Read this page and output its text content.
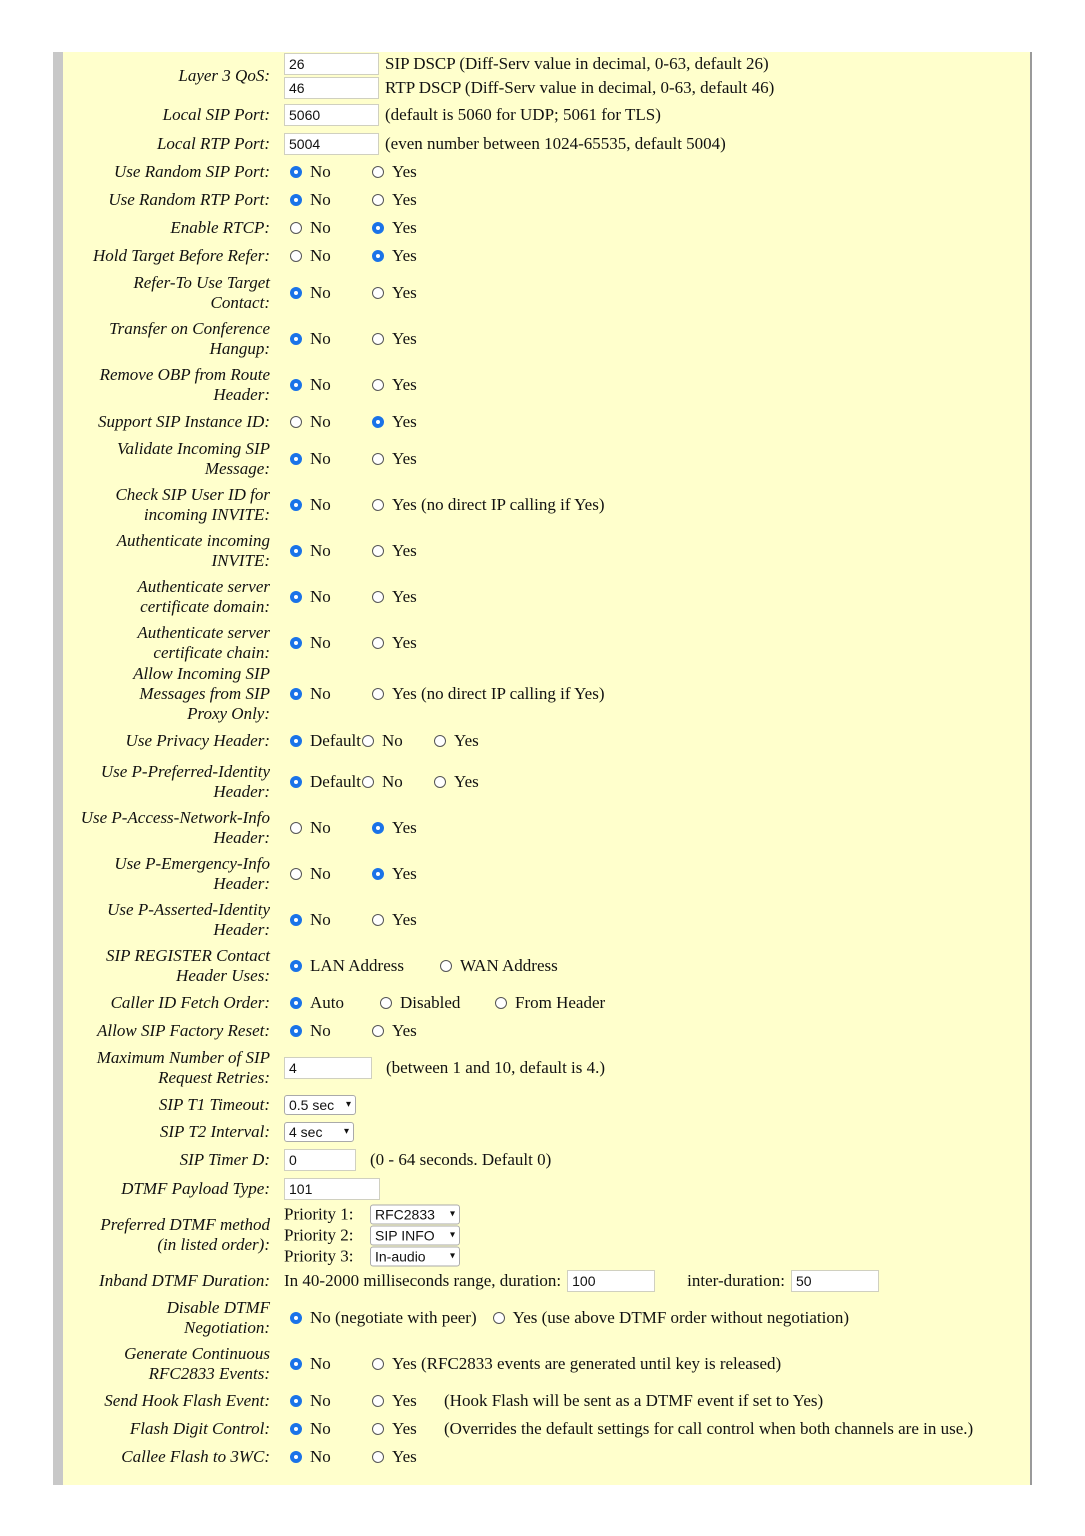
Layer 3 QoS:
26	SIP DSCP (Diff-Serv value in decimal, 0-63, default 26)
46	RTP DSCP (Diff-Serv value in decimal, 0-63, default 46)
Local SIP Port:	5060	(default is 5060 for UDP; 5061 for TLS)
Local RTP Port:	5004	(even number between 1024-65535, default 5004)
Use Random SIP Port: No	Yes
Use Random RTP Port: No	Yes
Enable RTCP: No	Yes
Hold Target Before Refer: No	Yes
Refer-To Use Target Contact:
No	Yes
Transfer on Conference Hangup:
No	Yes
Remove OBP from Route Header:
No	Yes
Support SIP Instance ID: No	Yes
Validate Incoming SIP Message:
No	Yes
Check SIP User ID for incoming INVITE:
No	Yes (no direct IP calling if Yes)
Authenticate incoming INVITE:
No	Yes
Authenticate server certificate domain:
No	Yes
Authenticate server certificate chain:
No	Yes
Allow Incoming SIP Messages from SIP Proxy Only:
No	Yes (no direct IP calling if Yes)
Use Privacy Header: Default No	Yes
Use P-Preferred-Identity Header:
Default No	Yes
Use P-Access-Network-Info Header:
No	Yes
Use P-Emergency-Info Header:
No	Yes
Use P-Asserted-Identity Header:
No	Yes
SIP REGISTER Contact Header Uses:
LAN Address	WAN Address
Caller ID Fetch Order: Auto	Disabled	From Header
Allow SIP Factory Reset: No	Yes
Maximum Number of SIP Request Retries:	4	(between 1 and 10, default is 4.)
SIP T1 Timeout: 0.5 sec ▾
SIP T2 Interval: 4 sec ▾
SIP Timer D:	0	(0 - 64 seconds. Default 0)
DTMF Payload Type:	101
Preferred DTMF method (in listed order):
Priority 1:	RFC2833 ▾
Priority 2:	SIP INFO ▾
Priority 3:	In-audio ▾
Inband DTMF Duration: In 40-2000 milliseconds range, duration: 100	inter-duration: 50
Disable DTMF Negotiation:
No (negotiate with peer) Yes (use above DTMF order without negotiation)
Generate Continuous RFC2833 Events:
No	Yes (RFC2833 events are generated until key is released)
Send Hook Flash Event: No	Yes (Hook Flash will be sent as a DTMF event if set to Yes)
Flash Digit Control: No	Yes (Overrides the default settings for call control when both channels are in use.)
Callee Flash to 3WC: No	Yes
